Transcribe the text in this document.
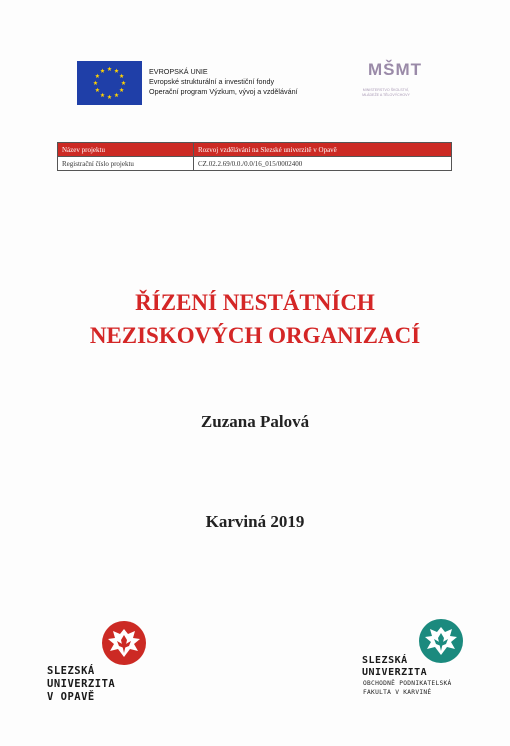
EVROPSKÁ UNIE
Evropské strukturální a investiční fondy
Operační program Výzkum, vývoj a vzdělávání
MŠMT
MINISTERSTVO ŠKOLSTVÍ,
MLÁDEŽE A TĚLOVÝCHOVY
Název projektu	Rozvoj vzdělávání na Slezské univerzitě v Opavě
Registrační číslo projektu	CZ.02.2.69/0.0./0.0/16_015/0002400
ŘÍZENÍ NESTÁTNÍCH
NEZISKOVÝCH ORGANIZACÍ
Zuzana Palová
Karviná 2019
SLEZSKÁ
UNIVERZITA
V OPAVĚ
SLEZSKÁ
UNIVERZITA
OBCHODNĚ PODNIKATELSKÁ
FAKULTA V KARVINÉ
